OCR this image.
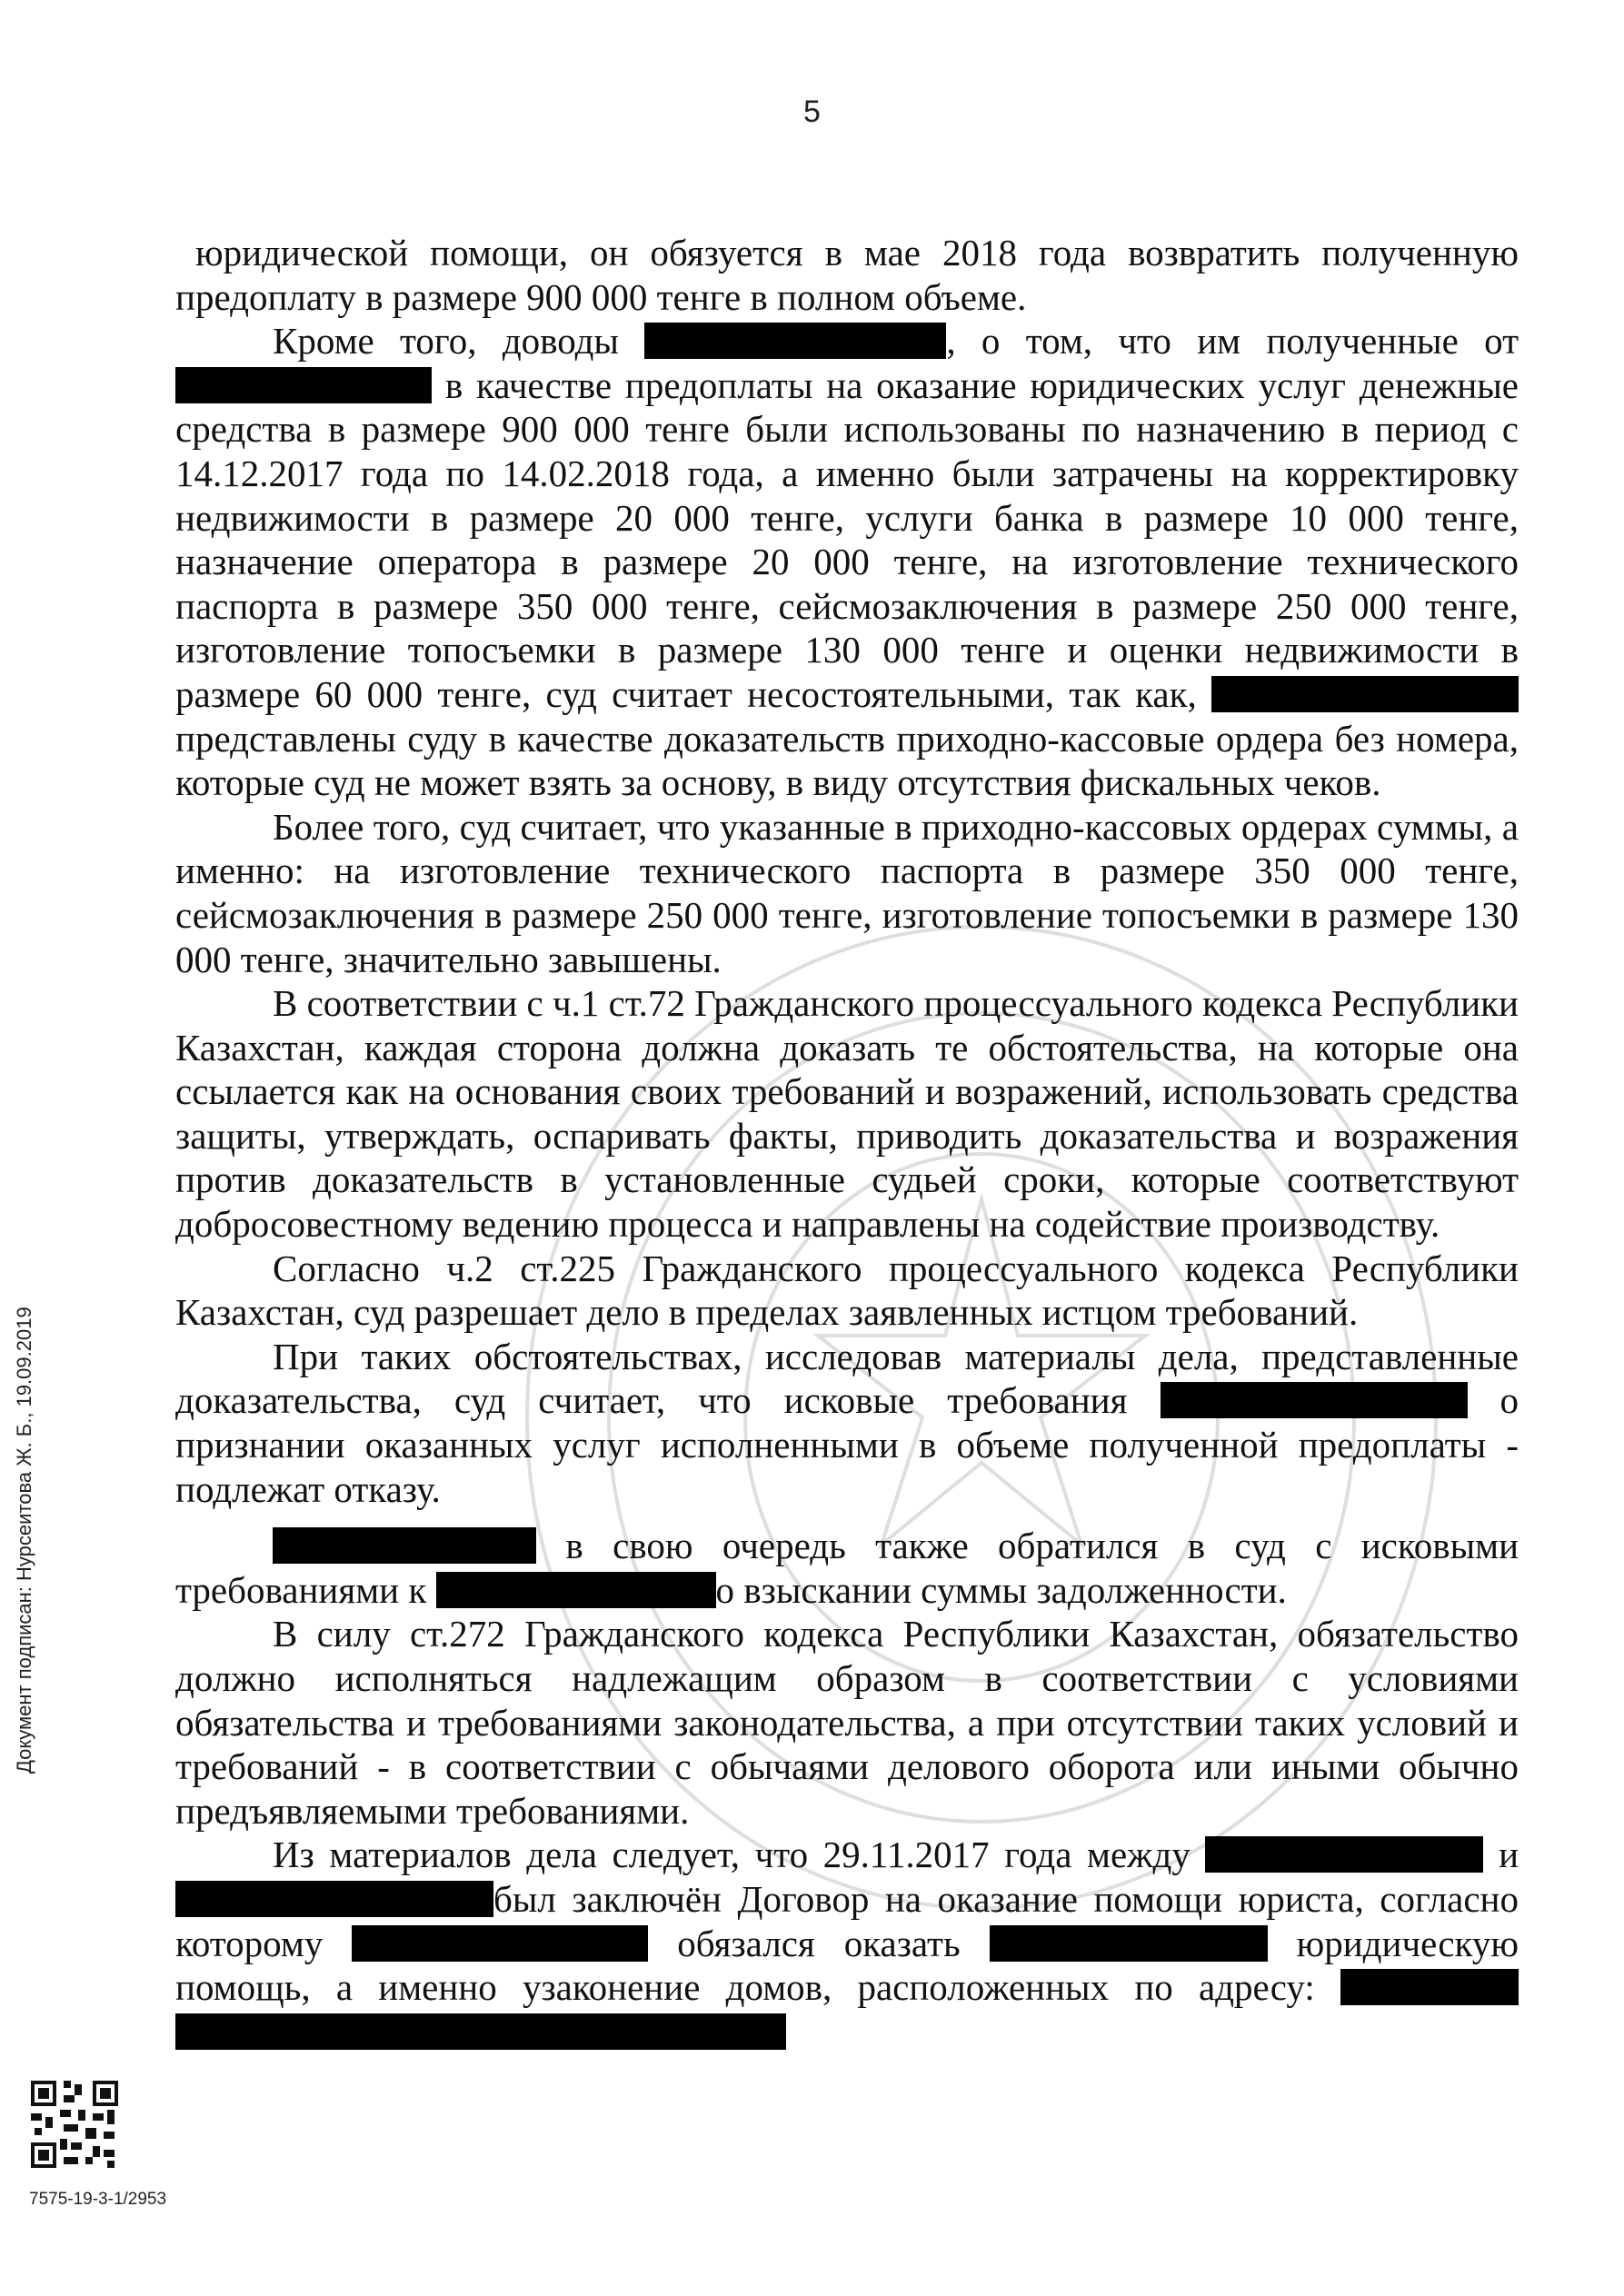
5

юридической помощи, он обязуется в мае 2018 года возвратить полученную предоплату в размере 900 000 тенге в полном объеме.

Кроме того, доводы	, о том, что им полученные от  в качестве предоплаты на оказание юридических услуг денежные средства в размере 900 000 тенге были использованы по назначению в период с 14.12.2017 года по 14.02.2018 года, а именно были затрачены на корректировку недвижимости в размере 20 000 тенге, услуги банка в размере 10 000 тенге, назначение оператора в размере 20 000 тенге, на изготовление технического паспорта в размере 350 000 тенге, сейсмозаключения в размере 250 000 тенге, изготовление топосъемки в размере 130 000 тенге и оценки недвижимости в размере 60 000 тенге, суд считает несостоятельными, так как,  представлены суду в качестве доказательств приходно-кассовые ордера без номера, которые суд не может взять за основу, в виду отсутствия фискальных чеков.

Более того, суд считает, что указанные в приходно-кассовых ордерах суммы, а именно: на изготовление технического паспорта в размере 350 000 тенге, сейсмозаключения в размере 250 000 тенге, изготовление топосъемки в размере 130 000 тенге, значительно завышены.

В соответствии с ч.1 ст.72 Гражданского процессуального кодекса Республики Казахстан, каждая сторона должна доказать те обстоятельства, на которые она ссылается как на основания своих требований и возражений, использовать средства защиты, утверждать, оспаривать факты, приводить доказательства и возражения против доказательств в установленные судьей сроки, которые соответствуют добросовестному ведению процесса и направлены на содействие производству.

Согласно ч.2 ст.225 Гражданского процессуального кодекса Республики Казахстан, суд разрешает дело в пределах заявленных истцом требований.

При таких обстоятельствах, исследовав материалы дела, представленные доказательства, суд считает, что исковые требования	о признании оказанных услуг исполненными в объеме полученной предоплаты - подлежат отказу.

в свою очередь также обратился в суд с исковыми требованиями к	о взыскании суммы задолженности.

В силу ст.272 Гражданского кодекса Республики Казахстан, обязательство должно исполняться надлежащим образом в соответствии с условиями обязательства и требованиями законодательства, а при отсутствии таких условий и требований - в соответствии с обычаями делового оборота или иными обычно предъявляемыми требованиями.

Из материалов дела следует, что 29.11.2017 года между	и был заключён Договор на оказание помощи юриста, согласно которому	обязался оказать	юридическую помощь, а именно узаконение домов, расположенных по адресу:

Документ подписан: Нурсеитова Ж. Б., 19.09.2019
7575-19-3-1/2953
